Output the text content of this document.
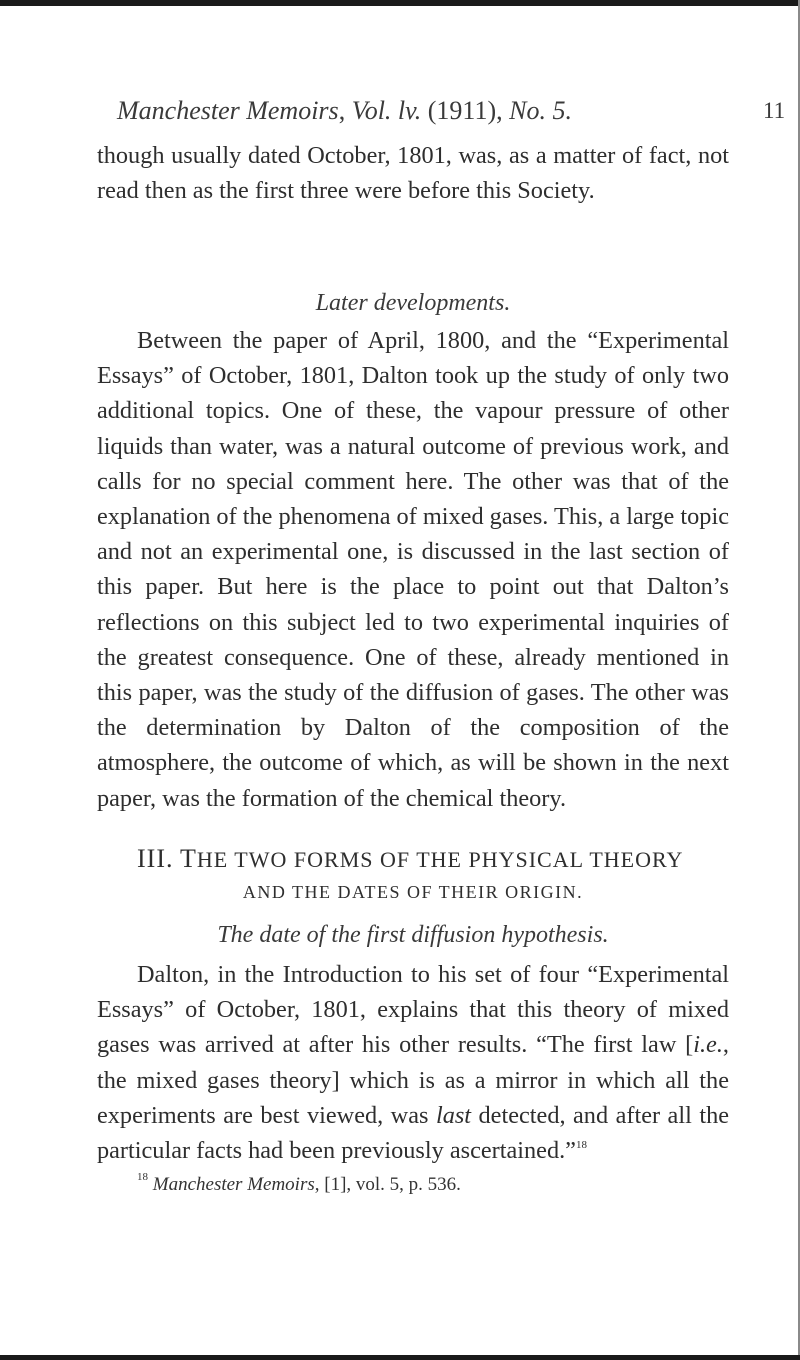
Manchester Memoirs, Vol. lv. (1911), No. 5.	11
though usually dated October, 1801, was, as a matter of fact, not read then as the first three were before this Society.
Later developments.
Between the paper of April, 1800, and the “Experimental Essays” of October, 1801, Dalton took up the study of only two additional topics. One of these, the vapour pressure of other liquids than water, was a natural outcome of previous work, and calls for no special comment here. The other was that of the explanation of the phenomena of mixed gases. This, a large topic and not an experimental one, is discussed in the last section of this paper. But here is the place to point out that Dalton’s reflections on this subject led to two experimental inquiries of the greatest consequence. One of these, already mentioned in this paper, was the study of the diffusion of gases. The other was the determination by Dalton of the composition of the atmosphere, the outcome of which, as will be shown in the next paper, was the formation of the chemical theory.
III. THE TWO FORMS OF THE PHYSICAL THEORY
AND THE DATES OF THEIR ORIGIN.
The date of the first diffusion hypothesis.
Dalton, in the Introduction to his set of four “Experimental Essays” of October, 1801, explains that this theory of mixed gases was arrived at after his other results. “The first law [i.e., the mixed gases theory] which is as a mirror in which all the experiments are best viewed, was last detected, and after all the particular facts had been previously ascertained.”$^{18}$
$^{18}$ Manchester Memoirs, [1], vol. 5, p. 536.
